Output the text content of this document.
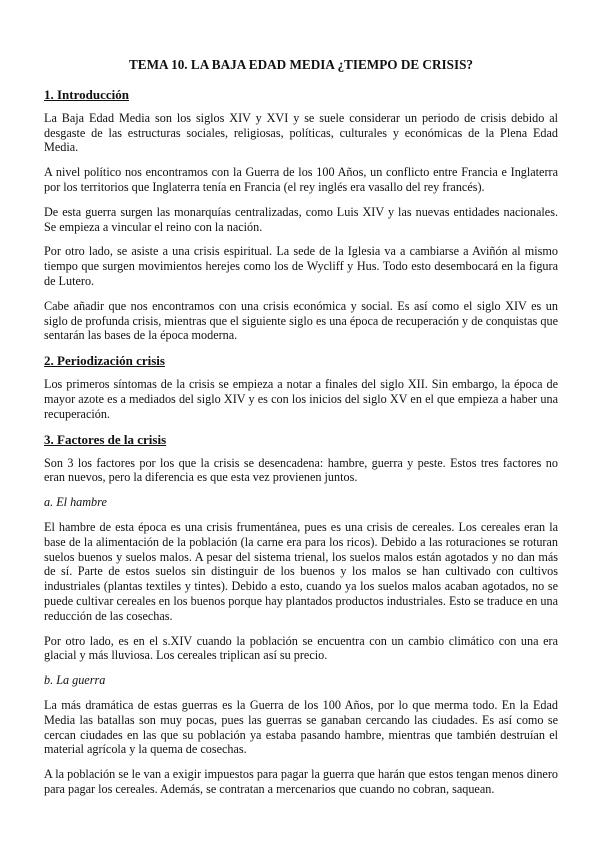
TEMA 10. LA BAJA EDAD MEDIA ¿TIEMPO DE CRISIS?
1. Introducción

La Baja Edad Media son los siglos XIV y XVI y se suele considerar un periodo de crisis debido al desgaste de las estructuras sociales, religiosas, políticas, culturales y económicas de la Plena Edad Media.

A nivel político nos encontramos con la Guerra de los 100 Años, un conflicto entre Francia e Inglaterra por los territorios que Inglaterra tenía en Francia (el rey inglés era vasallo del rey francés).

De esta guerra surgen las monarquías centralizadas, como Luis XIV y las nuevas entidades nacionales. Se empieza a vincular el reino con la nación.

Por otro lado, se asiste a una crisis espiritual. La sede de la Iglesia va a cambiarse a Aviñón al mismo tiempo que surgen movimientos herejes como los de Wycliff y Hus. Todo esto desembocará en la figura de Lutero.

Cabe añadir que nos encontramos con una crisis económica y social. Es así como el siglo XIV es un siglo de profunda crisis, mientras que el siguiente siglo es una época de recuperación y de conquistas que sentarán las bases de la época moderna.

2. Periodización crisis

Los primeros síntomas de la crisis se empieza a notar a finales del siglo XII. Sin embargo, la época de mayor azote es a mediados del siglo XIV y es con los inicios del siglo XV en el que empieza a haber una recuperación.

3. Factores de la crisis

Son 3 los factores por los que la crisis se desencadena: hambre, guerra y peste. Estos tres factores no eran nuevos, pero la diferencia es que esta vez provienen juntos.

a. El hambre

El hambre de esta época es una crisis frumentánea, pues es una crisis de cereales. Los cereales eran la base de la alimentación de la población (la carne era para los ricos). Debido a las roturaciones se roturan suelos buenos y suelos malos. A pesar del sistema trienal, los suelos malos están agotados y no dan más de sí. Parte de estos suelos sin distinguir de los buenos y los malos se han cultivado con cultivos industriales (plantas textiles y tintes). Debido a esto, cuando ya los suelos malos acaban agotados, no se puede cultivar cereales en los buenos porque hay plantados productos industriales. Esto se traduce en una reducción de las cosechas.

Por otro lado, es en el s.XIV cuando la población se encuentra con un cambio climático con una era glacial y más lluviosa. Los cereales triplican así su precio.

b. La guerra

La más dramática de estas guerras es la Guerra de los 100 Años, por lo que merma todo. En la Edad Media las batallas son muy pocas, pues las guerras se ganaban cercando las ciudades. Es así como se cercan ciudades en las que su población ya estaba pasando hambre, mientras que también destruían el material agrícola y la quema de cosechas.

A la población se le van a exigir impuestos para pagar la guerra que harán que estos tengan menos dinero para pagar los cereales. Además, se contratan a mercenarios que cuando no cobran, saquean.
